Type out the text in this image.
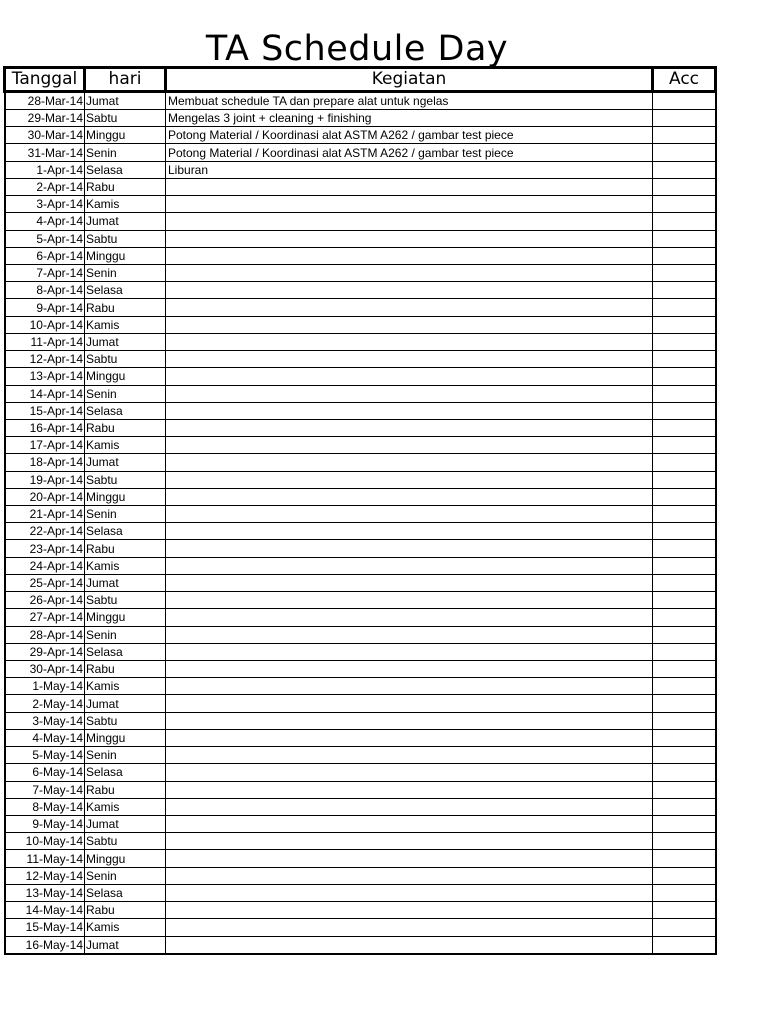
TA Schedule Day
Tanggal	hari	Kegiatan	Acc
28-Mar-14	Jumat	Membuat schedule TA dan prepare alat untuk ngelas	
29-Mar-14	Sabtu	Mengelas 3 joint + cleaning + finishing	
30-Mar-14	Minggu	Potong Material / Koordinasi alat ASTM A262 / gambar test piece	
31-Mar-14	Senin	Potong Material / Koordinasi alat ASTM A262 / gambar test piece	
1-Apr-14	Selasa	Liburan	
2-Apr-14	Rabu		
3-Apr-14	Kamis		
4-Apr-14	Jumat		
5-Apr-14	Sabtu		
6-Apr-14	Minggu		
7-Apr-14	Senin		
8-Apr-14	Selasa		
9-Apr-14	Rabu		
10-Apr-14	Kamis		
11-Apr-14	Jumat		
12-Apr-14	Sabtu		
13-Apr-14	Minggu		
14-Apr-14	Senin		
15-Apr-14	Selasa		
16-Apr-14	Rabu		
17-Apr-14	Kamis		
18-Apr-14	Jumat		
19-Apr-14	Sabtu		
20-Apr-14	Minggu		
21-Apr-14	Senin		
22-Apr-14	Selasa		
23-Apr-14	Rabu		
24-Apr-14	Kamis		
25-Apr-14	Jumat		
26-Apr-14	Sabtu		
27-Apr-14	Minggu		
28-Apr-14	Senin		
29-Apr-14	Selasa		
30-Apr-14	Rabu		
1-May-14	Kamis		
2-May-14	Jumat		
3-May-14	Sabtu		
4-May-14	Minggu		
5-May-14	Senin		
6-May-14	Selasa		
7-May-14	Rabu		
8-May-14	Kamis		
9-May-14	Jumat		
10-May-14	Sabtu		
11-May-14	Minggu		
12-May-14	Senin		
13-May-14	Selasa		
14-May-14	Rabu		
15-May-14	Kamis		
16-May-14	Jumat		
